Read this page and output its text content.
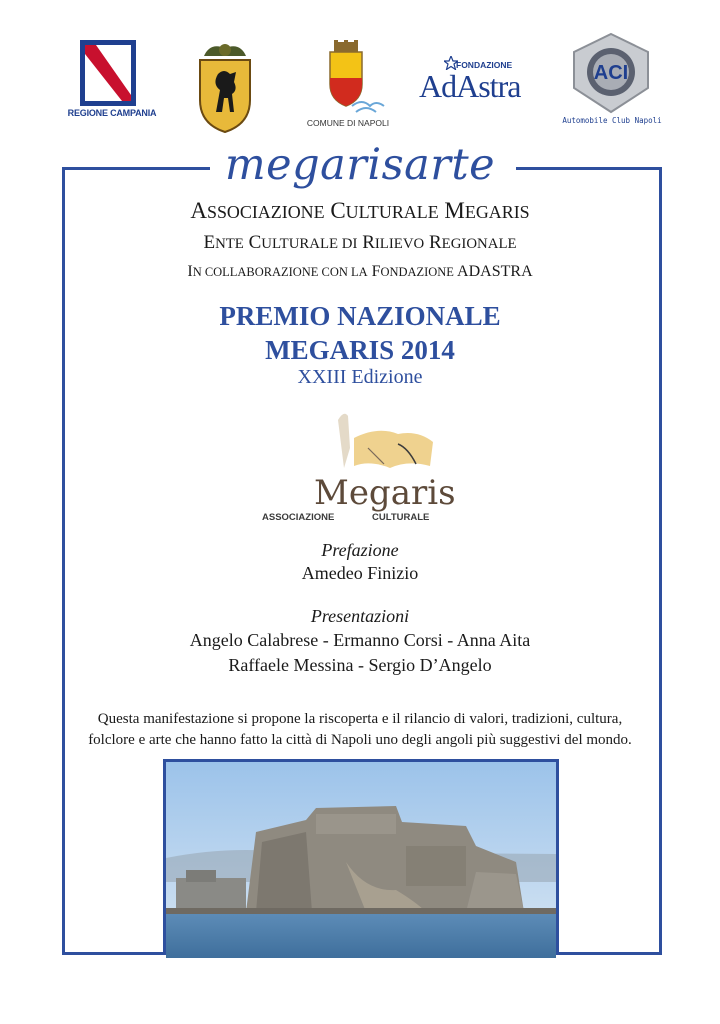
REGIONE CAMPANIA
COMUNE DI NAPOLI
FONDAZIONE
AdAstra	ACI
Automobile Club Napoli
megarisarte
ASSOCIAZIONE CULTURALE MEGARIS
ENTE CULTURALE DI RILIEVO REGIONALE
IN COLLABORAZIONE CON LA FONDAZIONE ADASTRA
PREMIO NAZIONALE
MEGARIS 2014
XXIII Edizione
Megaris
ASSOCIAZIONE	CULTURALE
Prefazione
Amedeo Finizio
Presentazioni
Angelo Calabrese - Ermanno Corsi - Anna Aita
Raffaele Messina - Sergio D’Angelo
Questa manifestazione si propone la riscoperta e il rilancio di valori, tradizioni, cultura,
folclore e arte che hanno fatto la città di Napoli uno degli angoli più suggestivi del mondo.
